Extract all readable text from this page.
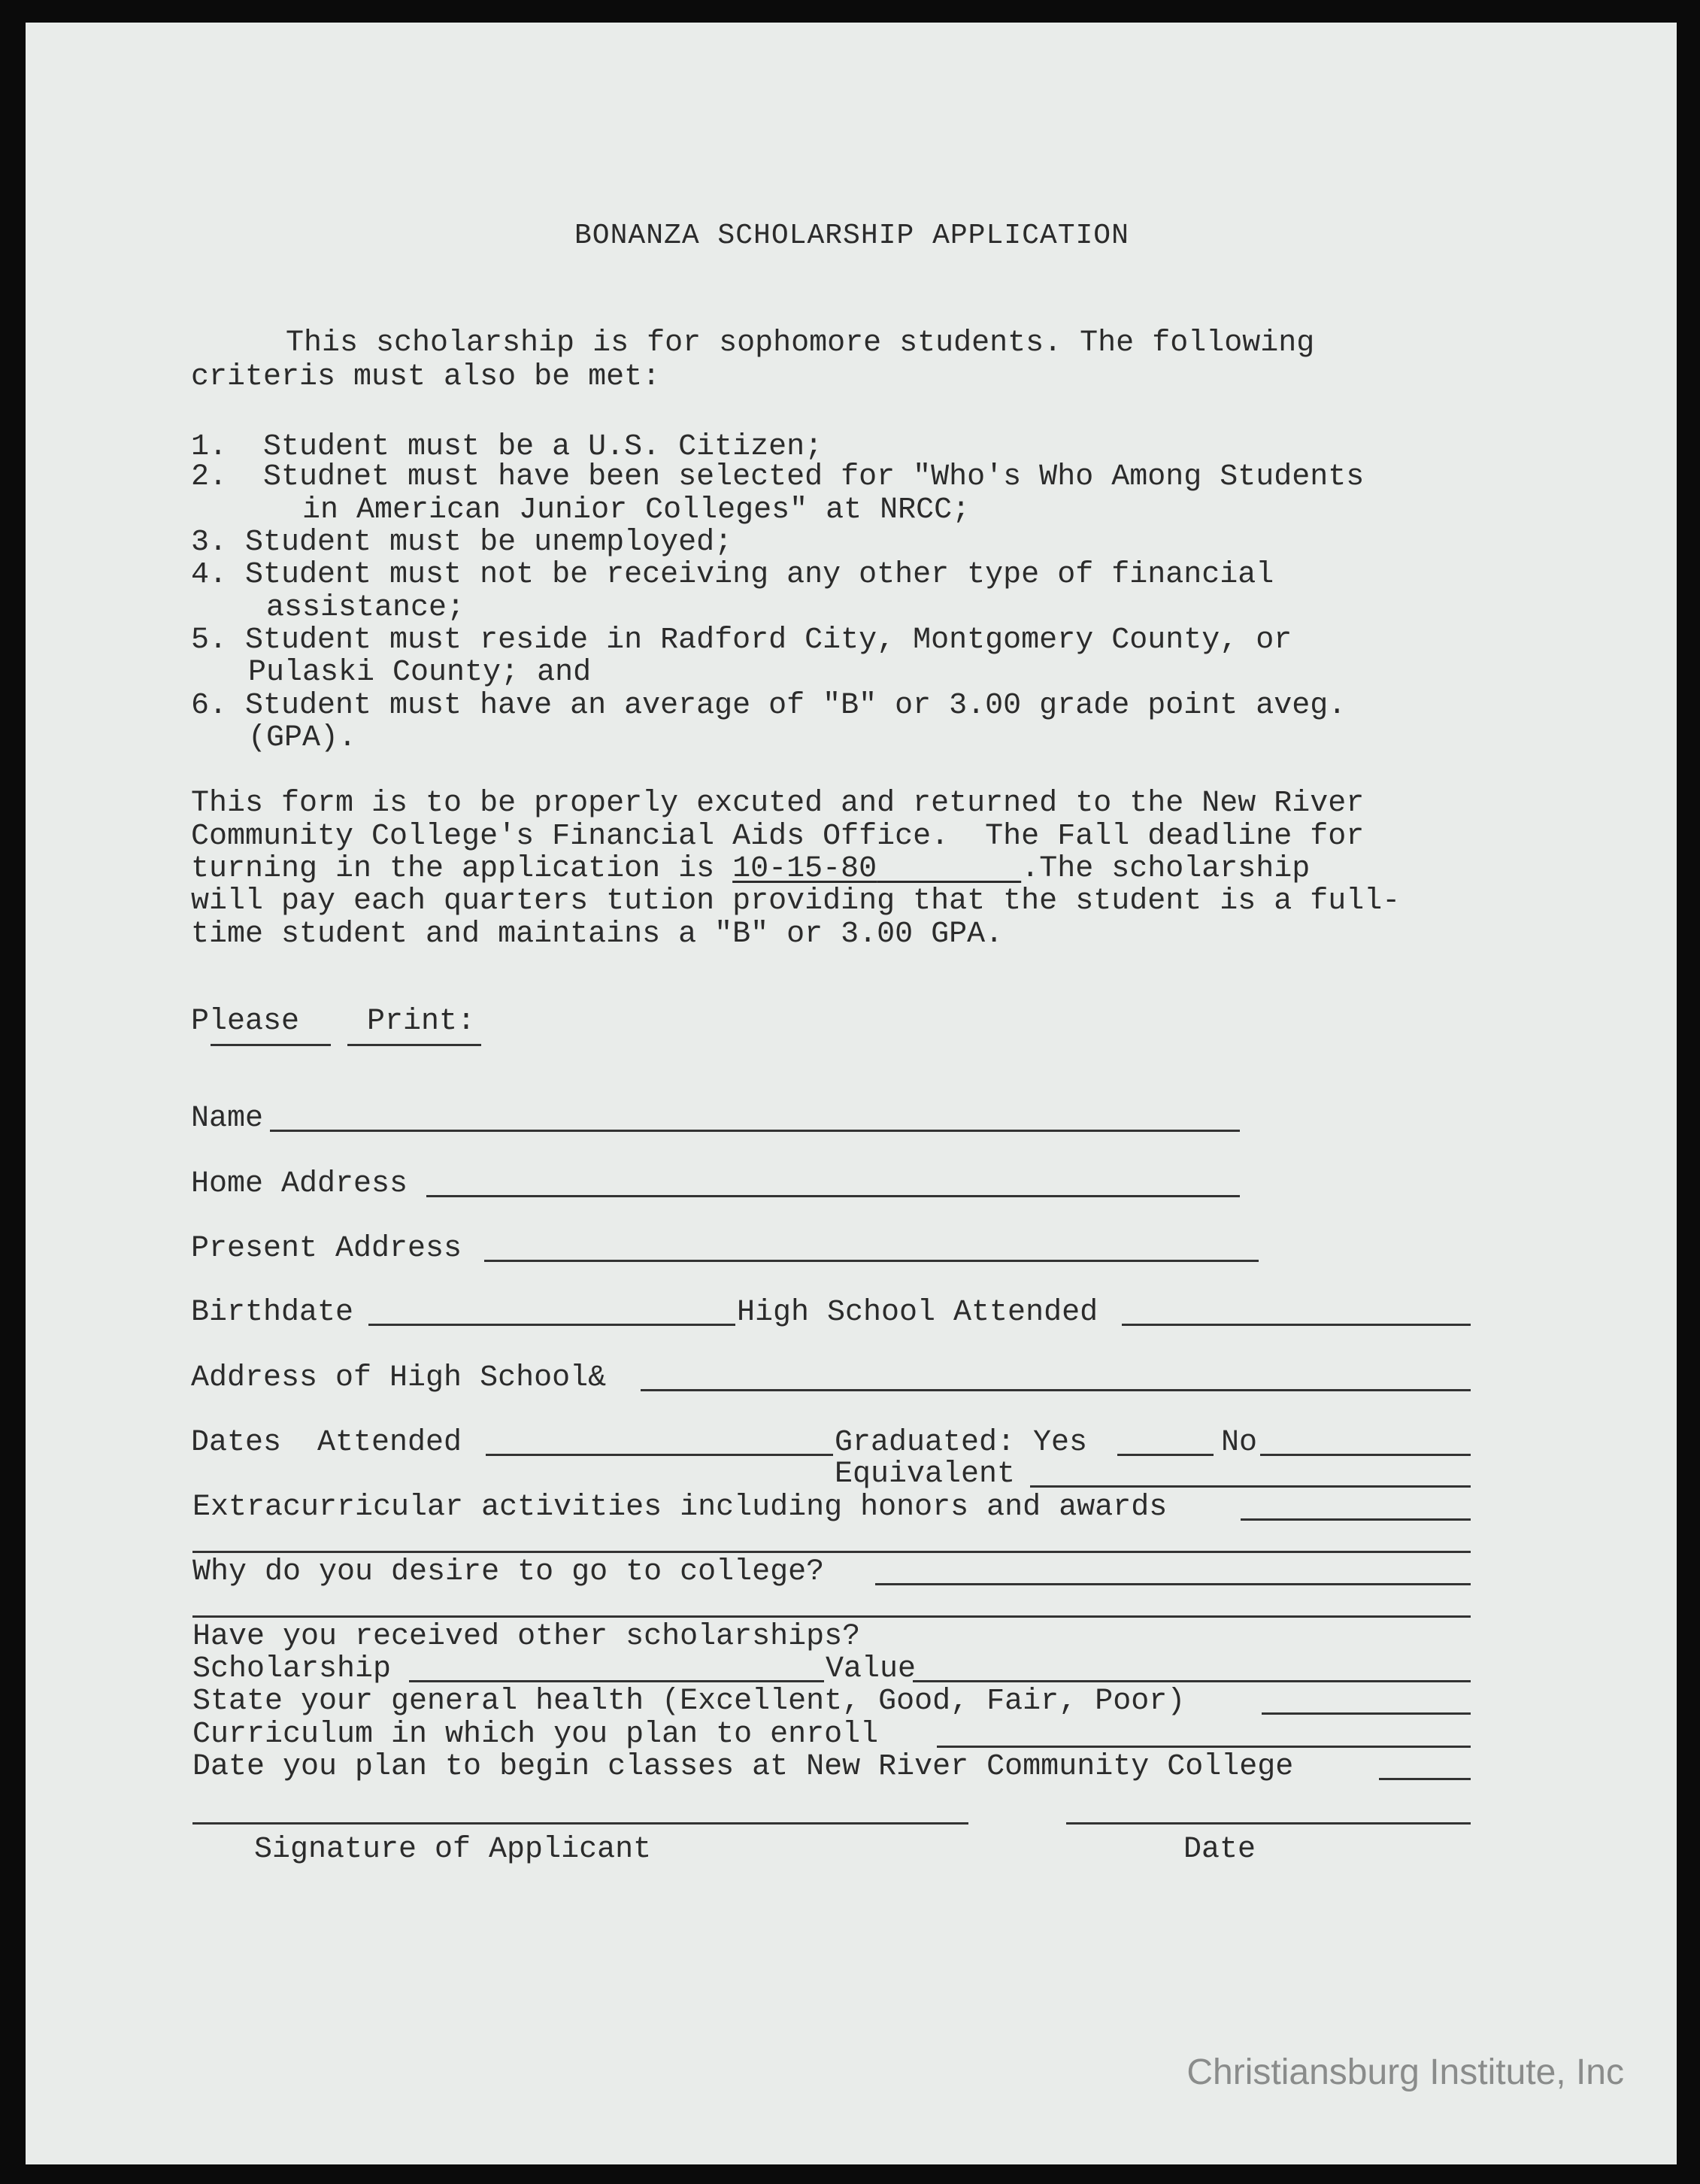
BONANZA SCHOLARSHIP APPLICATION
This scholarship is for sophomore students. The following
criteris must also be met:
1.  Student must be a U.S. Citizen;
2.  Studnet must have been selected for "Who's Who Among Students
in American Junior Colleges" at NRCC;
3. Student must be unemployed;
4. Student must not be receiving any other type of financial
assistance;
5. Student must reside in Radford City, Montgomery County, or
Pulaski County; and
6. Student must have an average of "B" or 3.00 grade point aveg.
(GPA).
This form is to be properly excuted and returned to the New River
Community College's Financial Aids Office.  The Fall deadline for
turning in the application is 10-15-80	.The scholarship
will pay each quarters tution providing that the student is a full-
time student and maintains a "B" or 3.00 GPA.
Please Print:
Name
Home Address
Present Address
Birthdate	High School Attended
Address of High School&
Dates  Attended	Graduated: Yes	No
Equivalent
Extracurricular activities including honors and awards
Why do you desire to go to college?
Have you received other scholarships?
Scholarship	Value
State your general health (Excellent, Good, Fair, Poor)
Curriculum in which you plan to enroll
Date you plan to begin classes at New River Community College
Signature of Applicant	Date
Christiansburg Institute, Inc
